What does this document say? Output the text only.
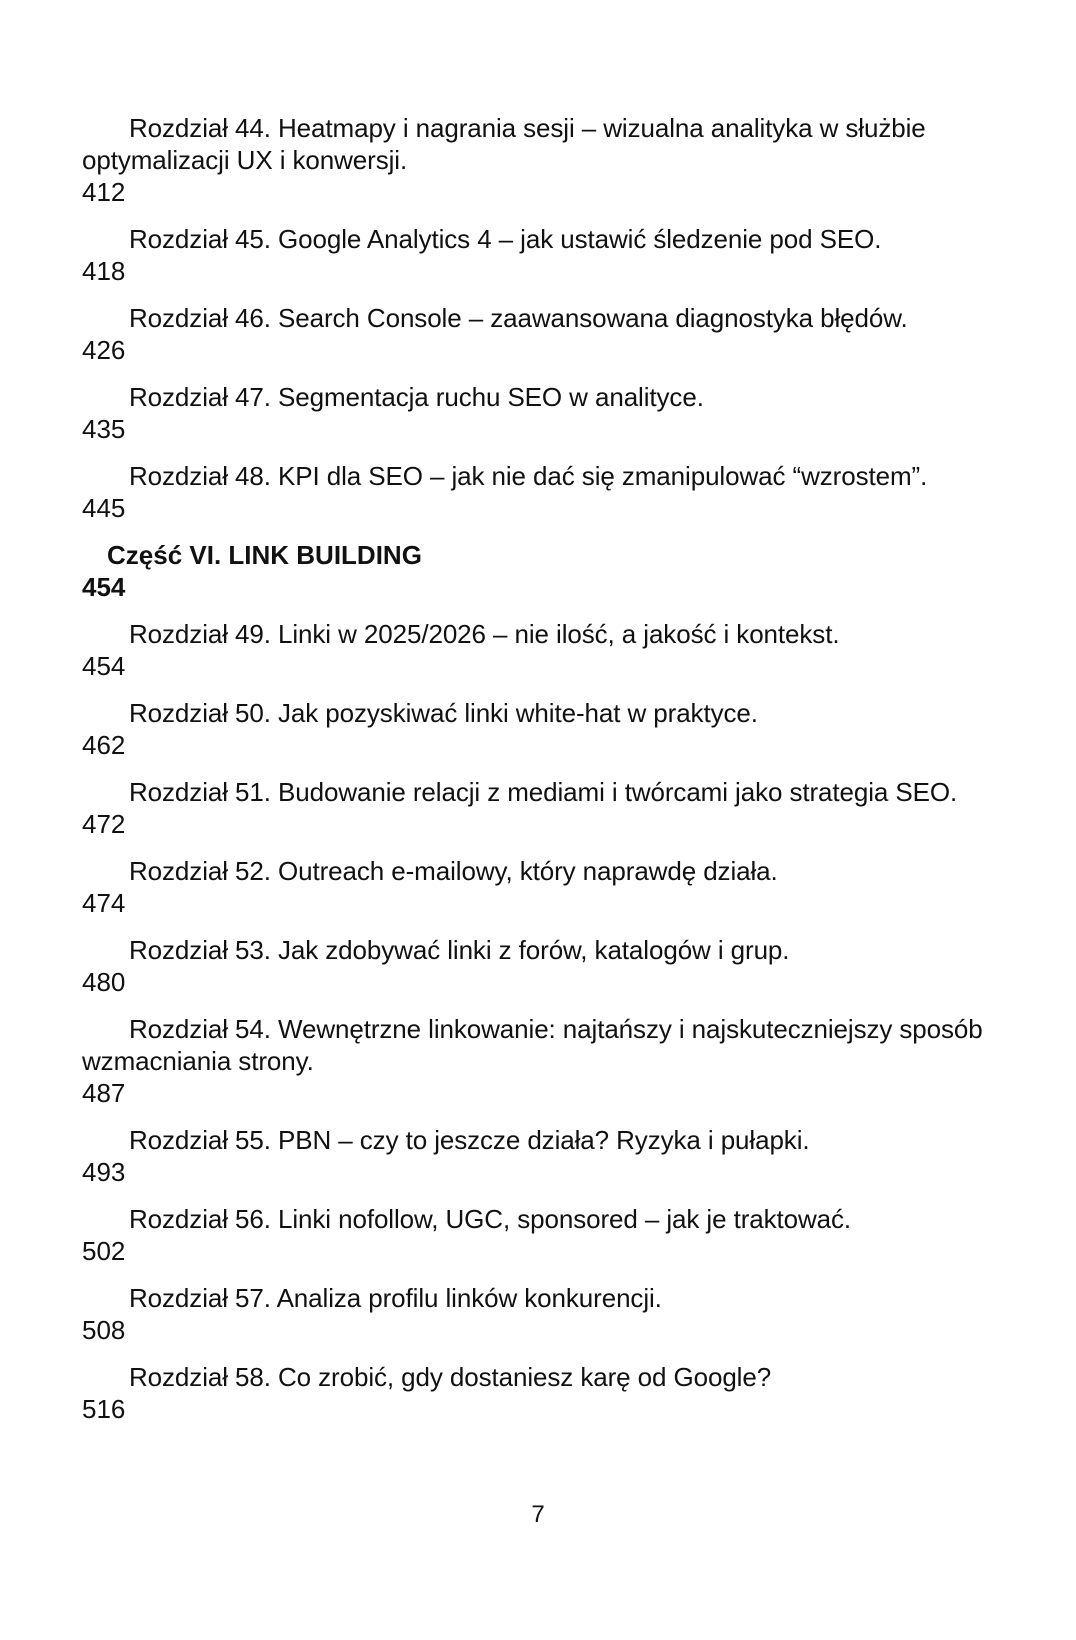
Rozdział 44. Heatmapy i nagrania sesji – wizualna analityka w służbie optymalizacji UX i konwersji.

412

Rozdział 45. Google Analytics 4 – jak ustawić śledzenie pod SEO.

418

Rozdział 46. Search Console – zaawansowana diagnostyka błędów.

426

Rozdział 47. Segmentacja ruchu SEO w analityce.

435

Rozdział 48. KPI dla SEO – jak nie dać się zmanipulować “wzrostem”.

445

Część VI. LINK BUILDING

454

Rozdział 49. Linki w 2025/2026 – nie ilość, a jakość i kontekst.

454

Rozdział 50. Jak pozyskiwać linki white-hat w praktyce.

462

Rozdział 51. Budowanie relacji z mediami i twórcami jako strategia SEO.

472

Rozdział 52. Outreach e-mailowy, który naprawdę działa.

474

Rozdział 53. Jak zdobywać linki z forów, katalogów i grup.

480

Rozdział 54. Wewnętrzne linkowanie: najtańszy i najskuteczniejszy sposób wzmacniania strony.

487

Rozdział 55. PBN – czy to jeszcze działa? Ryzyka i pułapki.

493

Rozdział 56. Linki nofollow, UGC, sponsored – jak je traktować.

502

Rozdział 57. Analiza profilu linków konkurencji.

508

Rozdział 58. Co zrobić, gdy dostaniesz karę od Google?

516

7
